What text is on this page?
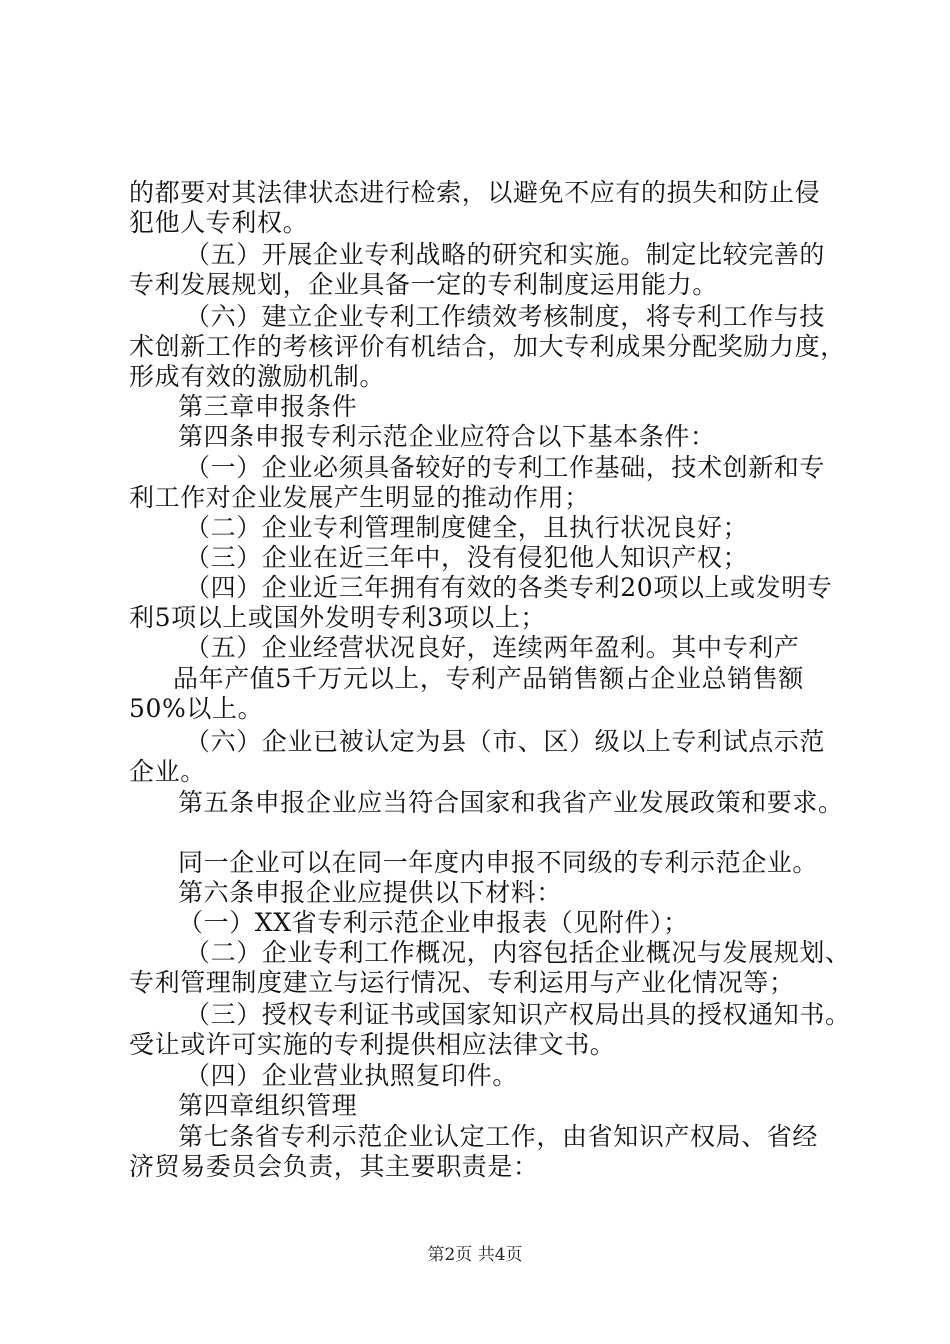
的都要对其法律状态进行检索，以避免不应有的损失和防止侵
犯他人专利权。
（五）开展企业专利战略的研究和实施。制定比较完善的
专利发展规划，企业具备一定的专利制度运用能力。
（六）建立企业专利工作绩效考核制度，将专利工作与技
术创新工作的考核评价有机结合，加大专利成果分配奖励力度，
形成有效的激励机制。
第三章申报条件
第四条申报专利示范企业应符合以下基本条件：
（一）企业必须具备较好的专利工作基础，技术创新和专
利工作对企业发展产生明显的推动作用；
（二）企业专利管理制度健全，且执行状况良好；
（三）企业在近三年中，没有侵犯他人知识产权；
（四）企业近三年拥有有效的各类专利20项以上或发明专
利5项以上或国外发明专利3项以上；
（五）企业经营状况良好，连续两年盈利。其中专利产
品年产值5千万元以上，专利产品销售额占企业总销售额
50%以上。
（六）企业已被认定为县（市、区）级以上专利试点示范
企业。
第五条申报企业应当符合国家和我省产业发展政策和要求。
同一企业可以在同一年度内申报不同级的专利示范企业。
第六条申报企业应提供以下材料：
（一）XX省专利示范企业申报表（见附件）；
（二）企业专利工作概况，内容包括企业概况与发展规划、
专利管理制度建立与运行情况、专利运用与产业化情况等；
（三）授权专利证书或国家知识产权局出具的授权通知书。
受让或许可实施的专利提供相应法律文书。
（四）企业营业执照复印件。
第四章组织管理
第七条省专利示范企业认定工作，由省知识产权局、省经
济贸易委员会负责，其主要职责是：
第2页 共4页
